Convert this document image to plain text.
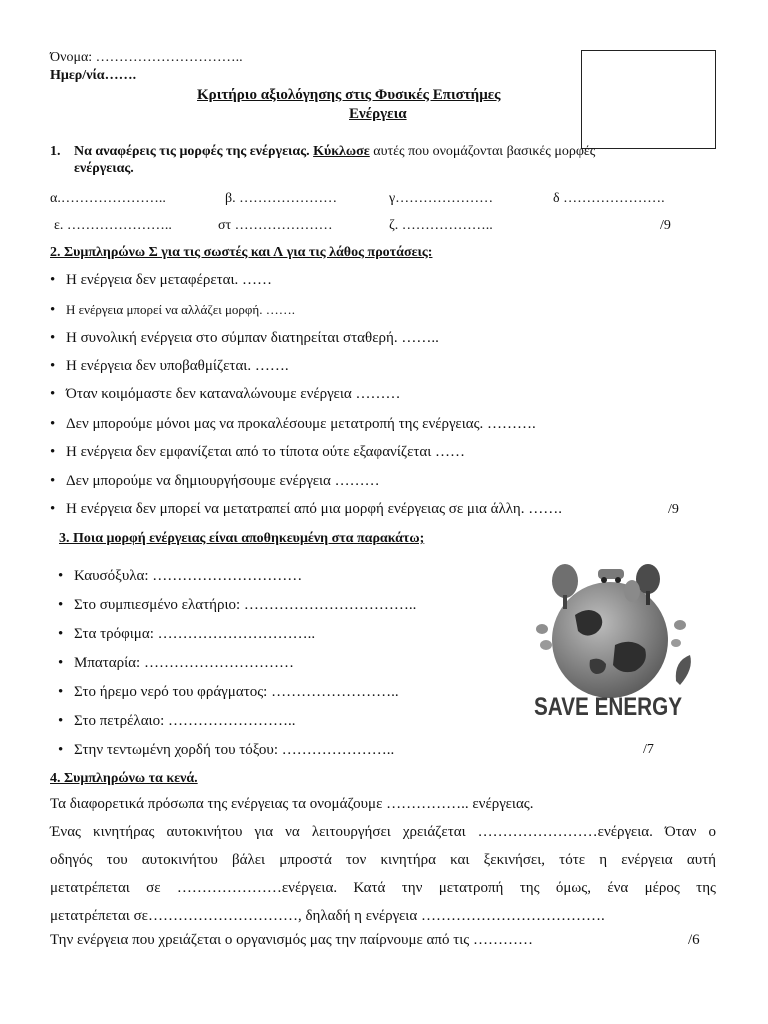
Όνομα: …………………………..
Ημερ/νία…….
Κριτήριο αξιολόγησης στις Φυσικές Επιστήμες
Ενέργεια
1. Να αναφέρεις τις μορφές της ενέργειας. Κύκλωσε αυτές που ονομάζονται βασικές μορφές
ενέργειας.
α.…………………..	β. …………………	γ…………………	δ ………………….
ε. …………………..	στ …………………	ζ. ………………..	/9
2. Συμπληρώνω Σ για τις σωστές και Λ για τις λάθος προτάσεις:
• Η ενέργεια δεν μεταφέρεται. ……
• Η ενέργεια μπορεί να αλλάζει μορφή. …….
• Η συνολική ενέργεια στο σύμπαν διατηρείται σταθερή. ……..
• Η ενέργεια δεν υποβαθμίζεται. …….
• Όταν κοιμόμαστε δεν καταναλώνουμε ενέργεια ………
• Δεν μπορούμε μόνοι μας να προκαλέσουμε μετατροπή της ενέργειας. ……….
• Η ενέργεια δεν εμφανίζεται από το τίποτα ούτε εξαφανίζεται ……
• Δεν μπορούμε να δημιουργήσουμε ενέργεια ………
• Η ενέργεια δεν μπορεί να μετατραπεί από μια μορφή ενέργειας σε μια άλλη. …….	/9
3. Ποια μορφή ενέργειας είναι αποθηκευμένη στα παρακάτω;
• Καυσόξυλα: …………………………
• Στο συμπιεσμένο ελατήριο: ……………………………..
• Στα τρόφιμα: …………………………..
• Μπαταρία: …………………………
• Στο ήρεμο νερό του φράγματος: ……………………..
• Στο πετρέλαιο: ……………………..
• Στην τεντωμένη χορδή του τόξου: …………………..	/7
SAVE ENERGY
4. Συμπληρώνω τα κενά.
Τα διαφορετικά πρόσωπα της ενέργειας τα ονομάζουμε …………….. ενέργειας.
Ένας κινητήρας αυτοκινήτου για να λειτουργήσει χρειάζεται ……………………ενέργεια. Όταν ο
οδηγός του αυτοκινήτου βάλει μπροστά τον κινητήρα και ξεκινήσει, τότε η ενέργεια αυτή
μετατρέπεται σε …………………ενέργεια. Κατά την μετατροπή της όμως, ένα μέρος της
μετατρέπεται σε…………………………, δηλαδή η ενέργεια ……………………………….
Την ενέργεια που χρειάζεται ο οργανισμός μας την παίρνουμε από τις …………	/6
